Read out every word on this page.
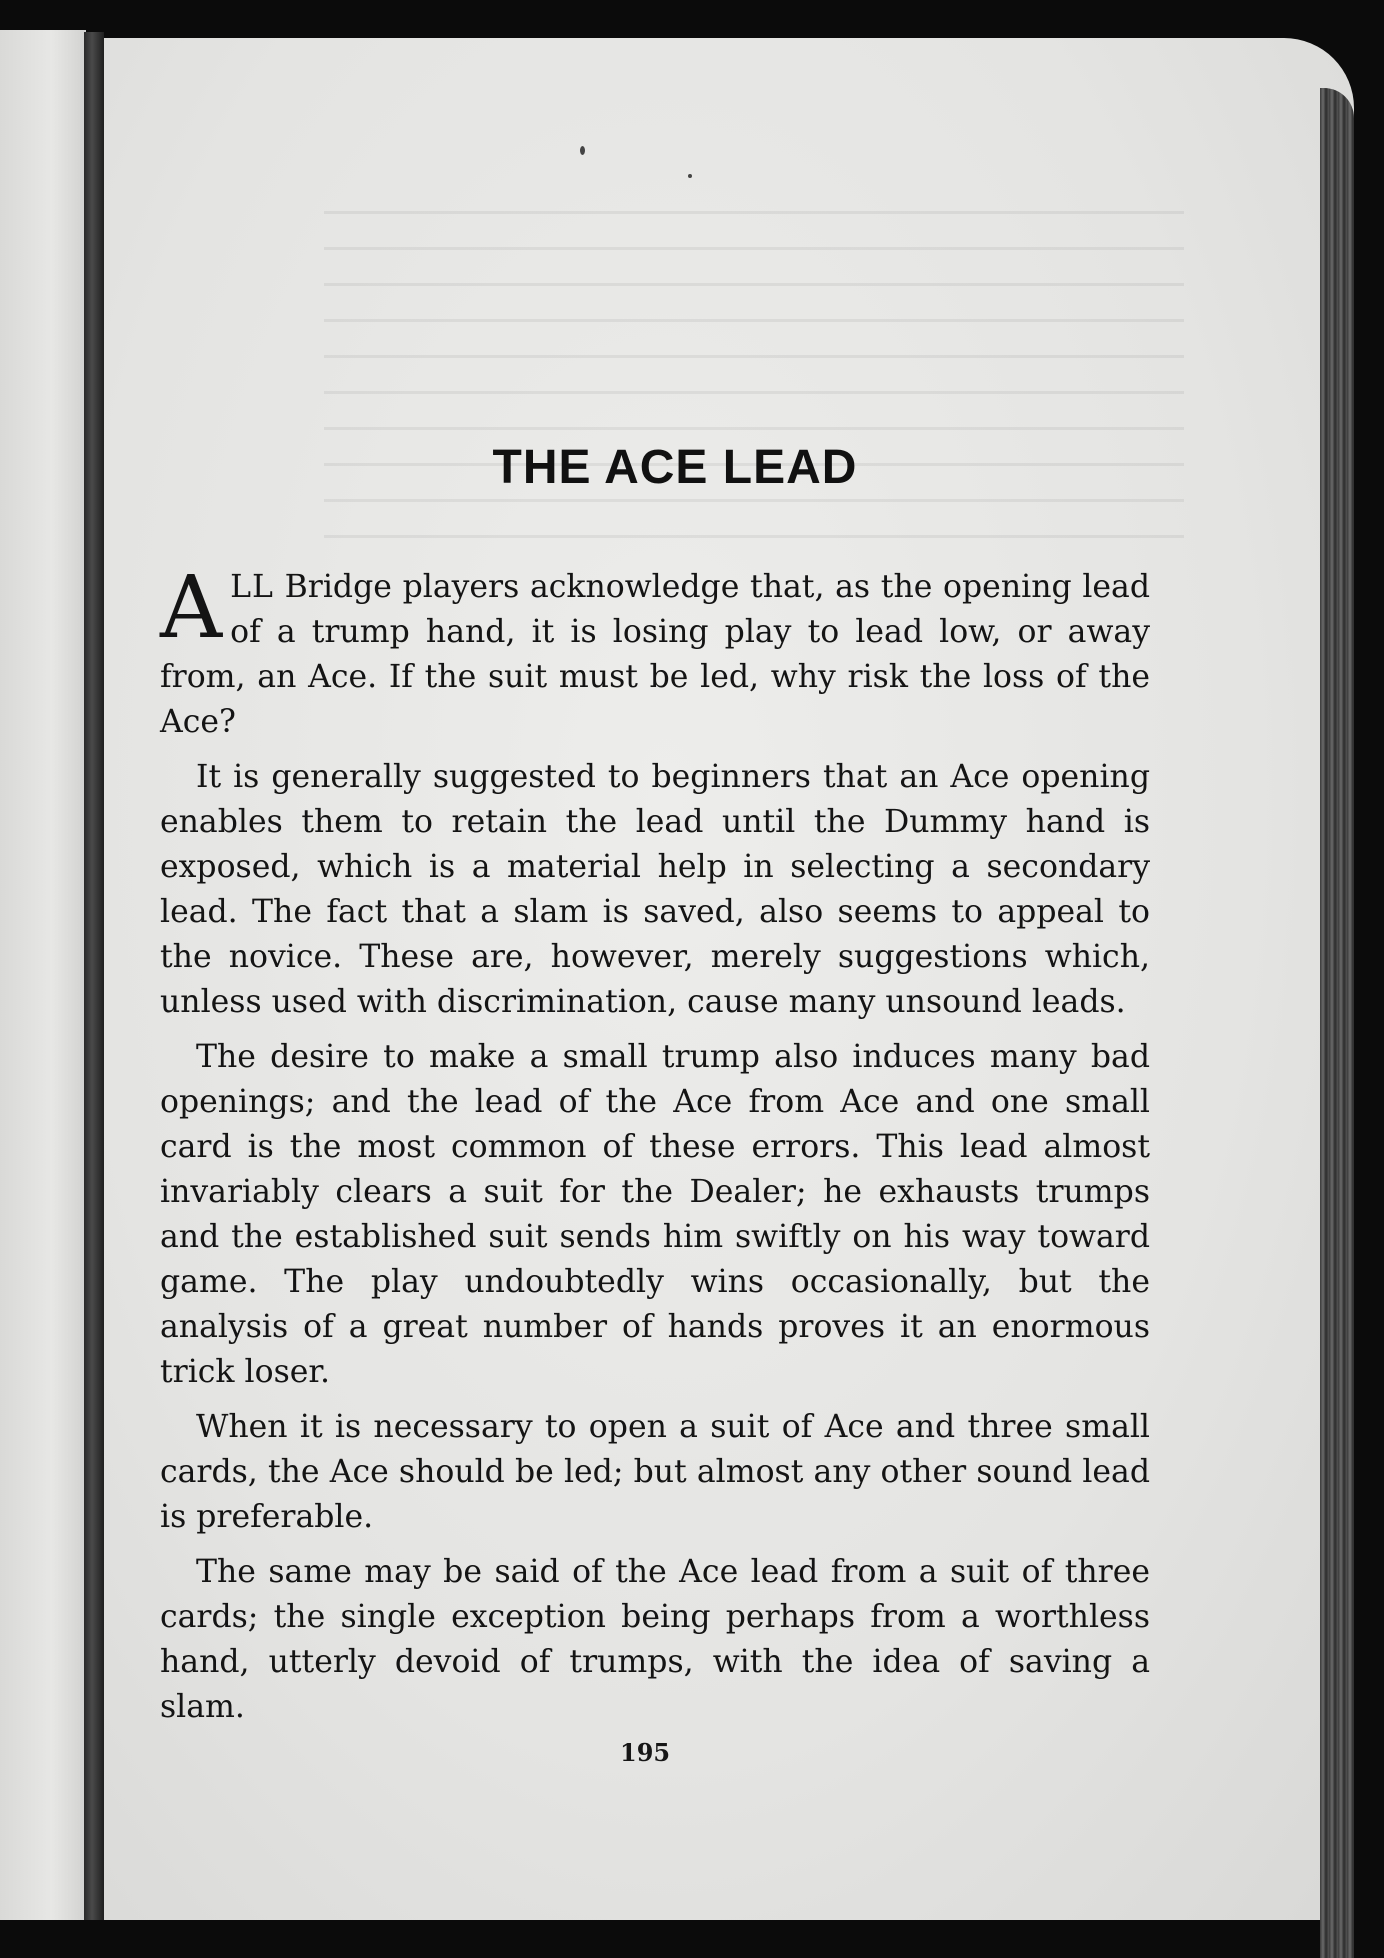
THE ACE LEAD

ALL Bridge players acknowledge that, as the opening lead of a trump hand, it is losing play to lead low, or away from, an Ace. If the suit must be led, why risk the loss of the Ace?

It is generally suggested to beginners that an Ace opening enables them to retain the lead until the Dummy hand is exposed, which is a material help in selecting a secondary lead. The fact that a slam is saved, also seems to appeal to the novice. These are, however, merely suggestions which, unless used with discrimination, cause many unsound leads.

The desire to make a small trump also induces many bad openings; and the lead of the Ace from Ace and one small card is the most common of these errors. This lead almost invariably clears a suit for the Dealer; he exhausts trumps and the established suit sends him swiftly on his way toward game. The play undoubtedly wins occasionally, but the analysis of a great number of hands proves it an enormous trick loser.

When it is necessary to open a suit of Ace and three small cards, the Ace should be led; but almost any other sound lead is preferable.

The same may be said of the Ace lead from a suit of three cards; the single exception being perhaps from a worthless hand, utterly devoid of trumps, with the idea of saving a slam.

195
